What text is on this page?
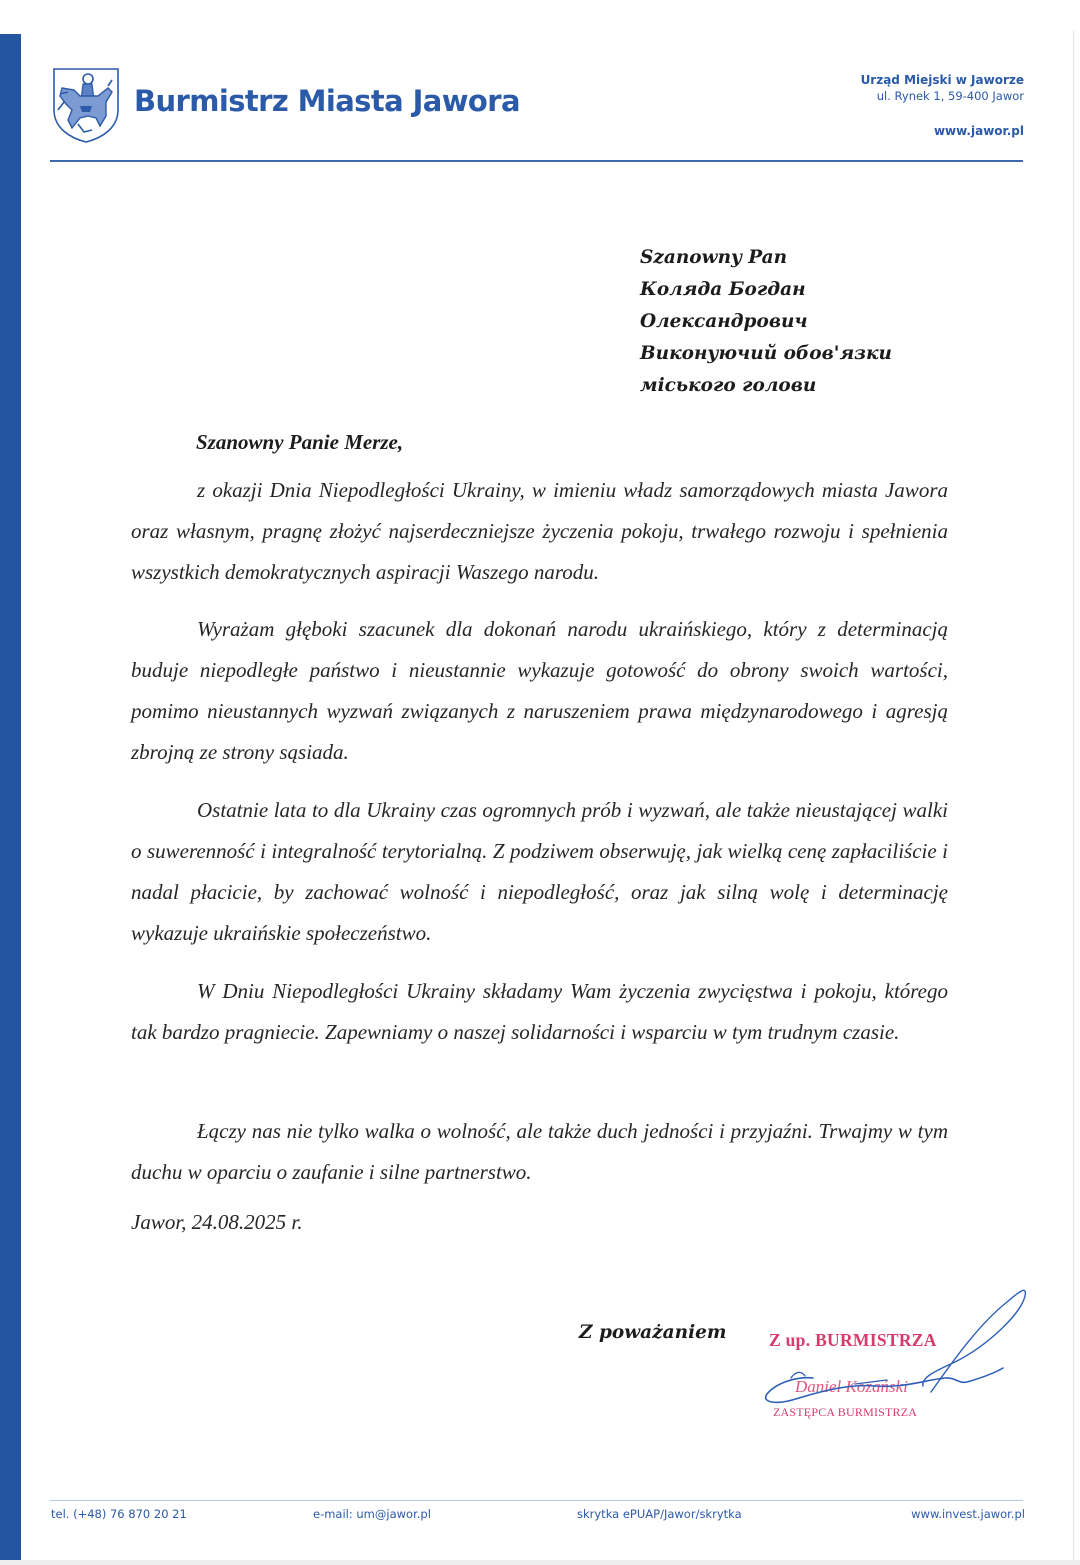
Burmistrz Miasta Jawora
Urząd Miejski w Jaworze
ul. Rynek 1, 59-400 Jawor
www.jawor.pl
Szanowny Pan
Коляда Богдан
Олександрович
Виконуючий обов'язки
міського голови
Szanowny Panie Merze,

z okazji Dnia Niepodległości Ukrainy, w imieniu władz samorządowych miasta Jawora oraz własnym, pragnę złożyć najserdeczniejsze życzenia pokoju, trwałego rozwoju i spełnienia wszystkich demokratycznych aspiracji Waszego narodu.

Wyrażam głęboki szacunek dla dokonań narodu ukraińskiego, który z determinacją buduje niepodległe państwo i nieustannie wykazuje gotowość do obrony swoich wartości, pomimo nieustannych wyzwań związanych z naruszeniem prawa międzynarodowego i agresją zbrojną ze strony sąsiada.

Ostatnie lata to dla Ukrainy czas ogromnych prób i wyzwań, ale także nieustającej walki o suwerenność i integralność terytorialną. Z podziwem obserwuję, jak wielką cenę zapłaciliście i nadal płacicie, by zachować wolność i niepodległość, oraz jak silną wolę i determinację wykazuje ukraińskie społeczeństwo.

W Dniu Niepodległości Ukrainy składamy Wam życzenia zwycięstwa i pokoju, którego tak bardzo pragniecie. Zapewniamy o naszej solidarności i wsparciu w tym trudnym czasie.

Łączy nas nie tylko walka o wolność, ale także duch jedności i przyjaźni. Trwajmy w tym duchu w oparciu o zaufanie i silne partnerstwo.

Jawor, 24.08.2025 r.
Z poważaniem Z up. BURMISTRZA
ZASTĘPCA BURMISTRZA
Daniel Kozański
tel. (+48) 76 870 20 21	e-mail: um@jawor.pl	skrytka ePUAP/Jawor/skrytka	www.invest.jawor.pl
